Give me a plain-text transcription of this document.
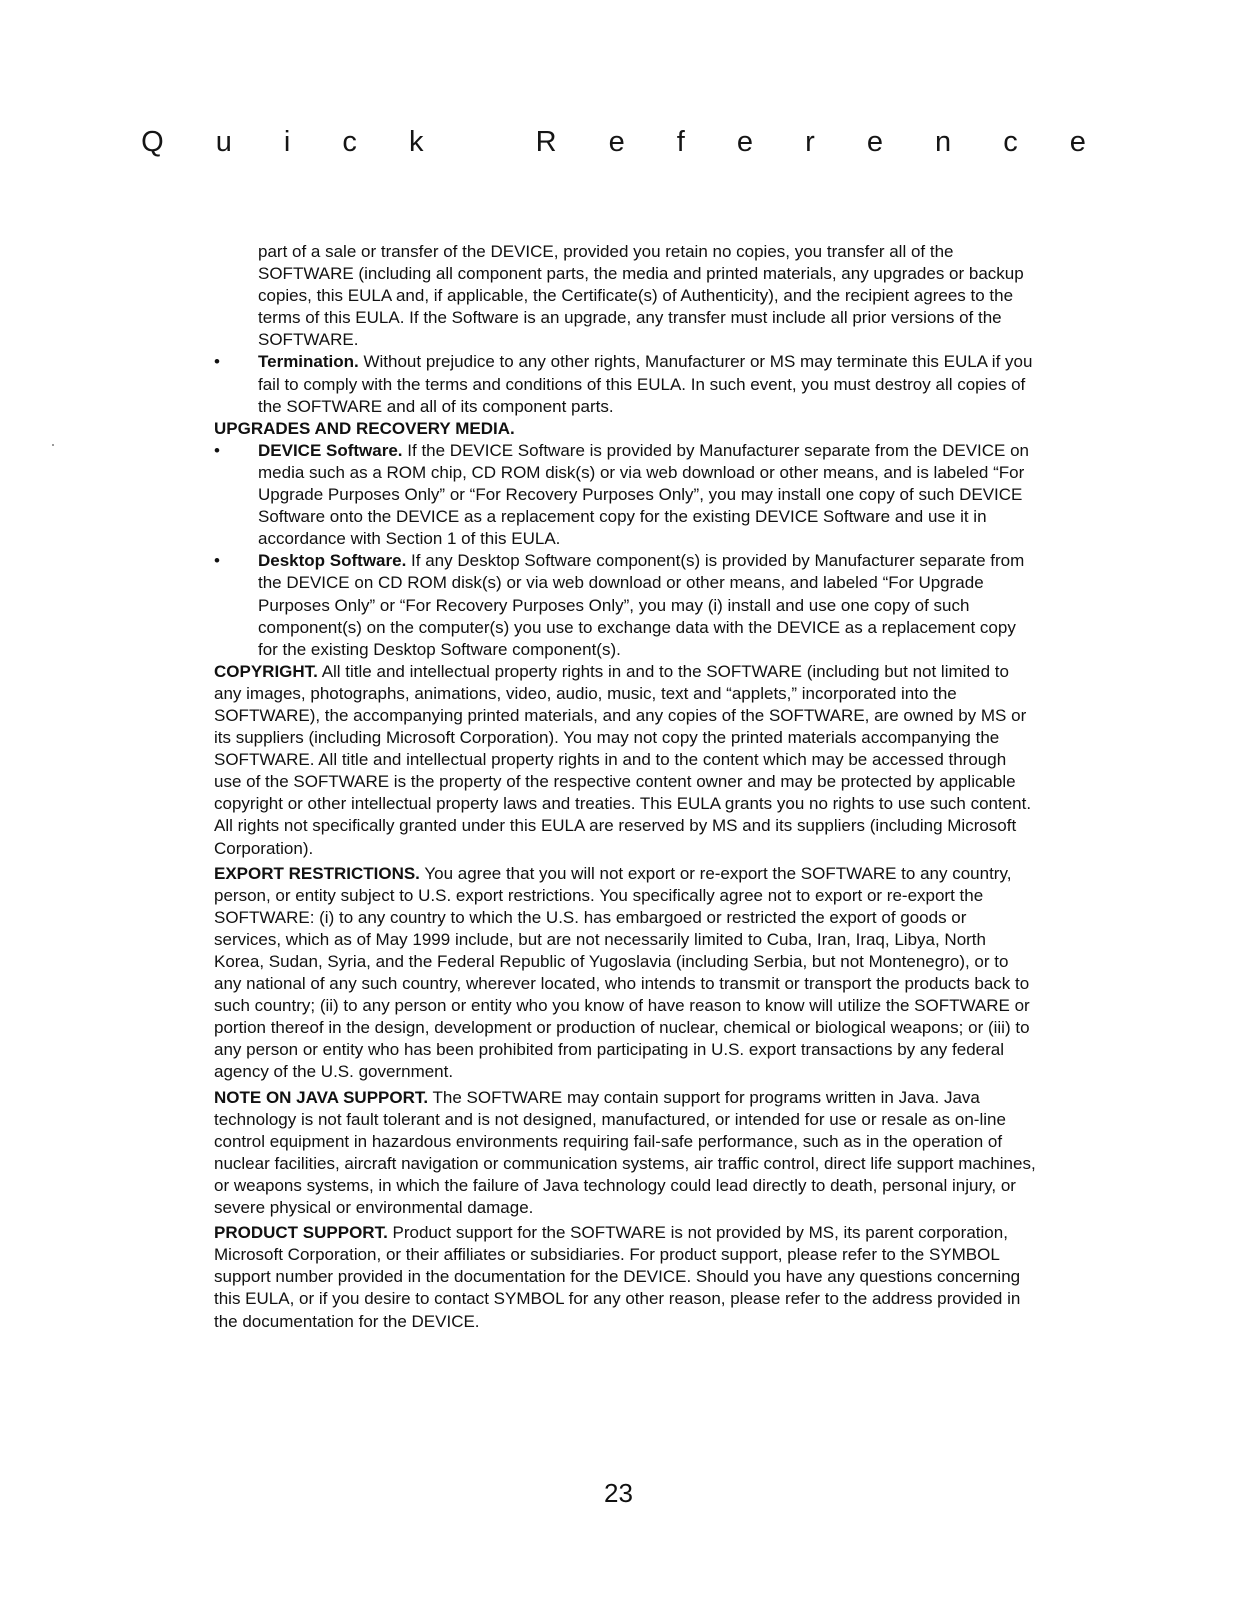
Q u i c k   R e f e r e n c e

part of a sale or transfer of the DEVICE, provided you retain no copies, you transfer all of the SOFTWARE (including all component parts, the media and printed materials, any upgrades or backup copies, this EULA and, if applicable, the Certificate(s) of Authenticity), and the recipient agrees to the terms of this EULA. If the Software is an upgrade, any transfer must include all prior versions of the SOFTWARE.

•	Termination. Without prejudice to any other rights, Manufacturer or MS may terminate this EULA if you fail to comply with the terms and conditions of this EULA. In such event, you must destroy all copies of the SOFTWARE and all of its component parts.

UPGRADES AND RECOVERY MEDIA.

•	DEVICE Software. If the DEVICE Software is provided by Manufacturer separate from the DEVICE on media such as a ROM chip, CD ROM disk(s) or via web download or other means, and is labeled “For Upgrade Purposes Only” or “For Recovery Purposes Only”, you may install one copy of such DEVICE Software onto the DEVICE as a replacement copy for the existing DEVICE Software and use it in accordance with Section 1 of this EULA.
•	Desktop Software. If any Desktop Software component(s) is provided by Manufacturer separate from the DEVICE on CD ROM disk(s) or via web download or other means, and labeled “For Upgrade Purposes Only” or “For Recovery Purposes Only”, you may (i) install and use one copy of such component(s) on the computer(s) you use to exchange data with the DEVICE as a replacement copy for the existing Desktop Software component(s).

COPYRIGHT. All title and intellectual property rights in and to the SOFTWARE (including but not limited to any images, photographs, animations, video, audio, music, text and “applets,” incorporated into the SOFTWARE), the accompanying printed materials, and any copies of the SOFTWARE, are owned by MS or its suppliers (including Microsoft Corporation). You may not copy the printed materials accompanying the SOFTWARE. All title and intellectual property rights in and to the content which may be accessed through use of the SOFTWARE is the property of the respective content owner and may be protected by applicable copyright or other intellectual property laws and treaties. This EULA grants you no rights to use such content. All rights not specifically granted under this EULA are reserved by MS and its suppliers (including Microsoft Corporation).

EXPORT RESTRICTIONS. You agree that you will not export or re-export the SOFTWARE to any country, person, or entity subject to U.S. export restrictions. You specifically agree not to export or re-export the SOFTWARE: (i) to any country to which the U.S. has embargoed or restricted the export of goods or services, which as of May 1999 include, but are not necessarily limited to Cuba, Iran, Iraq, Libya, North Korea, Sudan, Syria, and the Federal Republic of Yugoslavia (including Serbia, but not Montenegro), or to any national of any such country, wherever located, who intends to transmit or transport the products back to such country; (ii) to any person or entity who you know of have reason to know will utilize the SOFTWARE or portion thereof in the design, development or production of nuclear, chemical or biological weapons; or (iii) to any person or entity who has been prohibited from participating in U.S. export transactions by any federal agency of the U.S. government.

NOTE ON JAVA SUPPORT. The SOFTWARE may contain support for programs written in Java. Java technology is not fault tolerant and is not designed, manufactured, or intended for use or resale as on-line control equipment in hazardous environments requiring fail-safe performance, such as in the operation of nuclear facilities, aircraft navigation or communication systems, air traffic control, direct life support machines, or weapons systems, in which the failure of Java technology could lead directly to death, personal injury, or severe physical or environmental damage.

PRODUCT SUPPORT. Product support for the SOFTWARE is not provided by MS, its parent corporation, Microsoft Corporation, or their affiliates or subsidiaries. For product support, please refer to the SYMBOL support number provided in the documentation for the DEVICE. Should you have any questions concerning this EULA, or if you desire to contact SYMBOL for any other reason, please refer to the address provided in the documentation for the DEVICE.

23
